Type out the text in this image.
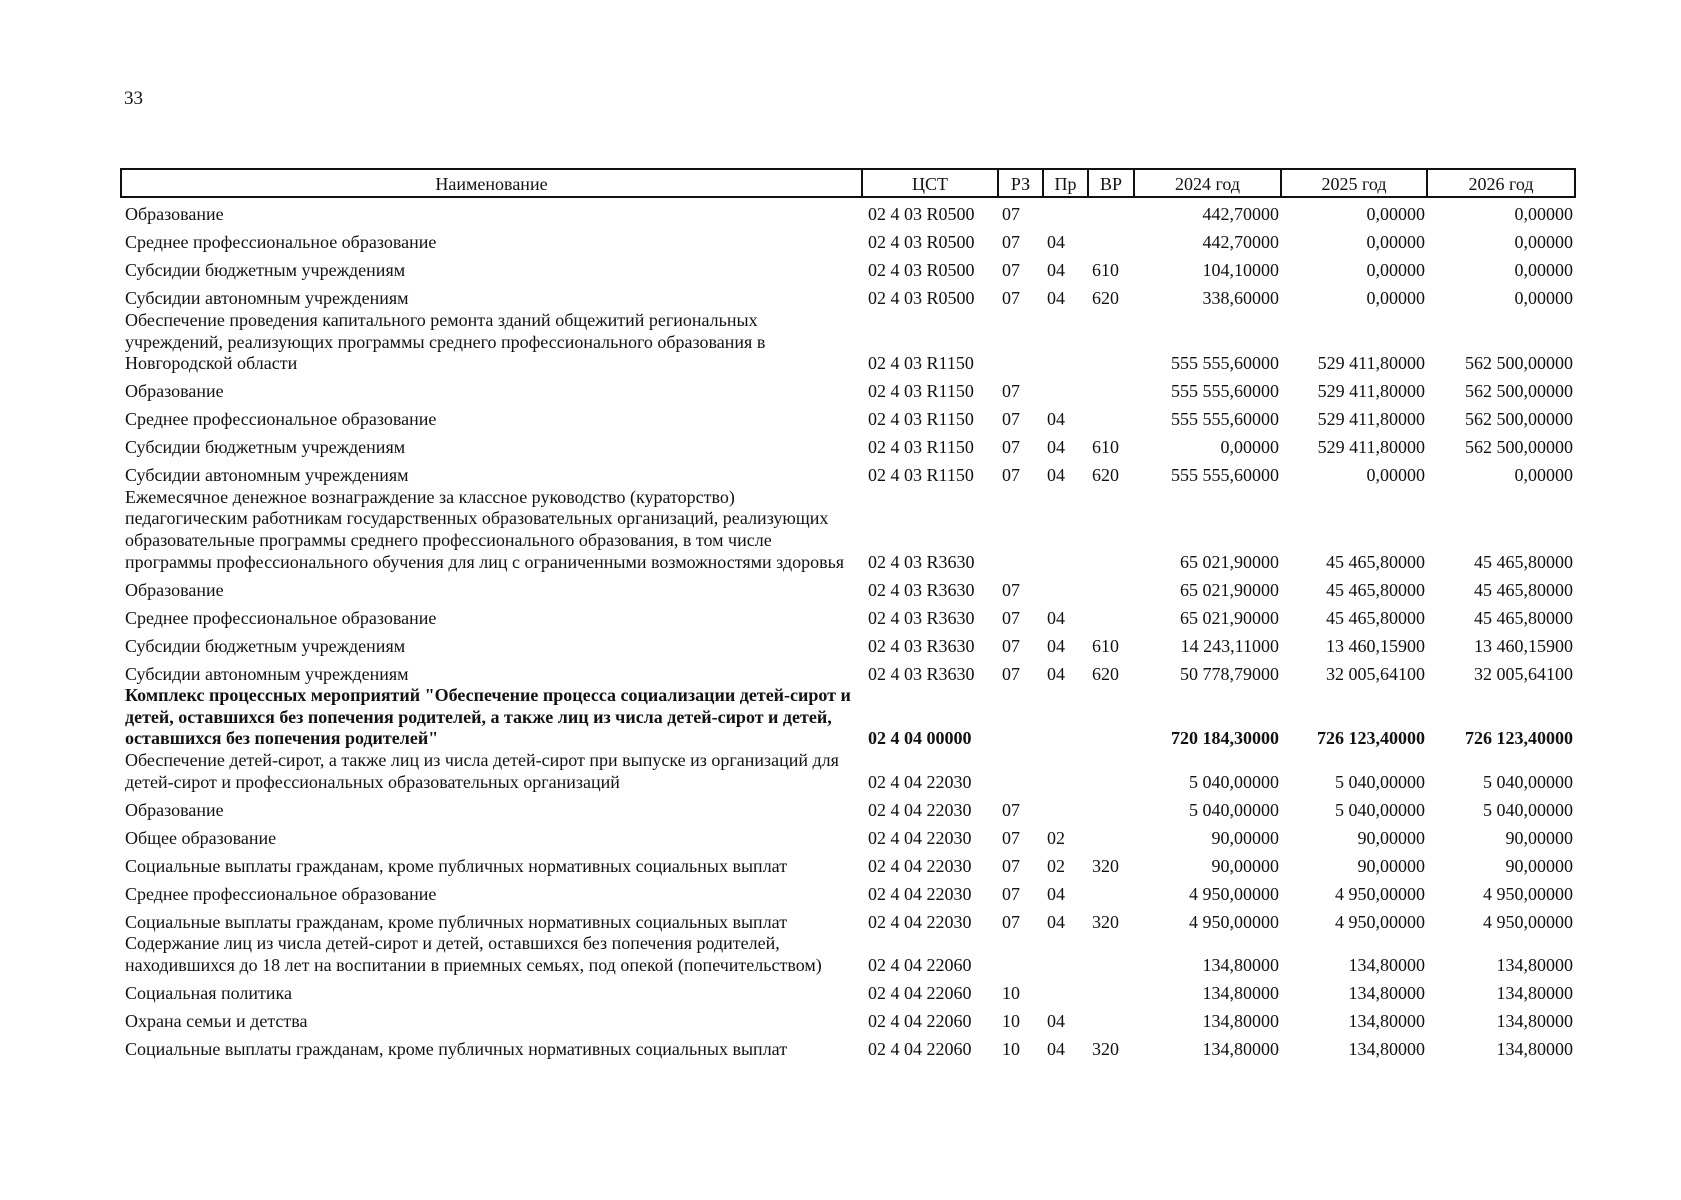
33
Наименование	ЦСТ	РЗ	Пр	ВР	2024 год	2025 год	2026 год
Образование	02 4 03 R0500	07			442,70000	0,00000	0,00000
Среднее профессиональное образование	02 4 03 R0500	07	04		442,70000	0,00000	0,00000
Субсидии бюджетным учреждениям	02 4 03 R0500	07	04	610	104,10000	0,00000	0,00000
Субсидии автономным учреждениям	02 4 03 R0500	07	04	620	338,60000	0,00000	0,00000
Обеспечение проведения капитального ремонта зданий общежитий региональных учреждений, реализующих программы среднего профессионального образования в Новгородской области	02 4 03 R1150				555 555,60000	529 411,80000	562 500,00000
Образование	02 4 03 R1150	07			555 555,60000	529 411,80000	562 500,00000
Среднее профессиональное образование	02 4 03 R1150	07	04		555 555,60000	529 411,80000	562 500,00000
Субсидии бюджетным учреждениям	02 4 03 R1150	07	04	610	0,00000	529 411,80000	562 500,00000
Субсидии автономным учреждениям	02 4 03 R1150	07	04	620	555 555,60000	0,00000	0,00000
Ежемесячное денежное вознаграждение за классное руководство (кураторство) педагогическим работникам государственных образовательных организаций, реализующих образовательные программы среднего профессионального образования, в том числе программы профессионального обучения для лиц с ограниченными возможностями здоровья	02 4 03 R3630				65 021,90000	45 465,80000	45 465,80000
Образование	02 4 03 R3630	07			65 021,90000	45 465,80000	45 465,80000
Среднее профессиональное образование	02 4 03 R3630	07	04		65 021,90000	45 465,80000	45 465,80000
Субсидии бюджетным учреждениям	02 4 03 R3630	07	04	610	14 243,11000	13 460,15900	13 460,15900
Субсидии автономным учреждениям	02 4 03 R3630	07	04	620	50 778,79000	32 005,64100	32 005,64100
Комплекс процессных мероприятий "Обеспечение процесса социализации детей-сирот и детей, оставшихся без попечения родителей, а также лиц из числа детей-сирот и детей, оставшихся без попечения родителей"	02 4 04 00000				720 184,30000	726 123,40000	726 123,40000
Обеспечение детей-сирот, а также лиц из числа детей-сирот при выпуске из организаций для детей-сирот и профессиональных образовательных организаций	02 4 04 22030				5 040,00000	5 040,00000	5 040,00000
Образование	02 4 04 22030	07			5 040,00000	5 040,00000	5 040,00000
Общее образование	02 4 04 22030	07	02		90,00000	90,00000	90,00000
Социальные выплаты гражданам, кроме публичных нормативных социальных выплат	02 4 04 22030	07	02	320	90,00000	90,00000	90,00000
Среднее профессиональное образование	02 4 04 22030	07	04		4 950,00000	4 950,00000	4 950,00000
Социальные выплаты гражданам, кроме публичных нормативных социальных выплат	02 4 04 22030	07	04	320	4 950,00000	4 950,00000	4 950,00000
Содержание лиц из числа детей-сирот и детей, оставшихся без попечения родителей, находившихся до 18 лет на воспитании в приемных семьях, под опекой (попечительством)	02 4 04 22060				134,80000	134,80000	134,80000
Социальная политика	02 4 04 22060	10			134,80000	134,80000	134,80000
Охрана семьи и детства	02 4 04 22060	10	04		134,80000	134,80000	134,80000
Социальные выплаты гражданам, кроме публичных нормативных социальных выплат	02 4 04 22060	10	04	320	134,80000	134,80000	134,80000
